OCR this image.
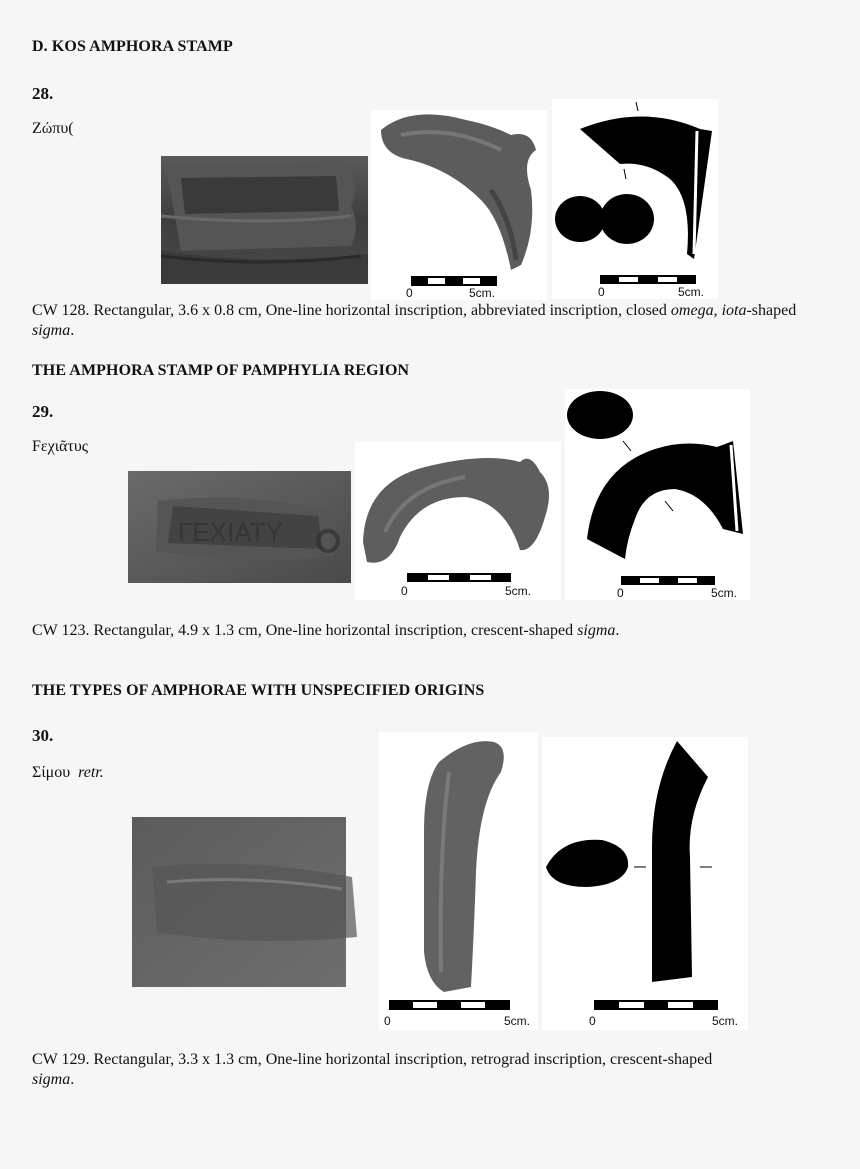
D. KOS AMPHORA STAMP
28.
Ζώπυ(
0	5cm.	0	5cm.
CW 128. Rectangular, 3.6 x 0.8 cm, One-line horizontal inscription, abbreviated inscription, closed omega, iota-shaped sigma.
THE AMPHORA STAMP OF PAMPHYLIA REGION
29.
Fεχιᾶτυς
ΓΕΧΙΑΤΥ
0	5cm.	0	5cm.
CW 123. Rectangular, 4.9 x 1.3 cm, One-line horizontal inscription, crescent-shaped sigma.
THE TYPES OF AMPHORAE WITH UNSPECIFIED ORIGINS
30.
Σίμου retr.
0	5cm.	0	5cm.
CW 129. Rectangular, 3.3 x 1.3 cm, One-line horizontal inscription, retrograd inscription, crescent-shaped
sigma.
